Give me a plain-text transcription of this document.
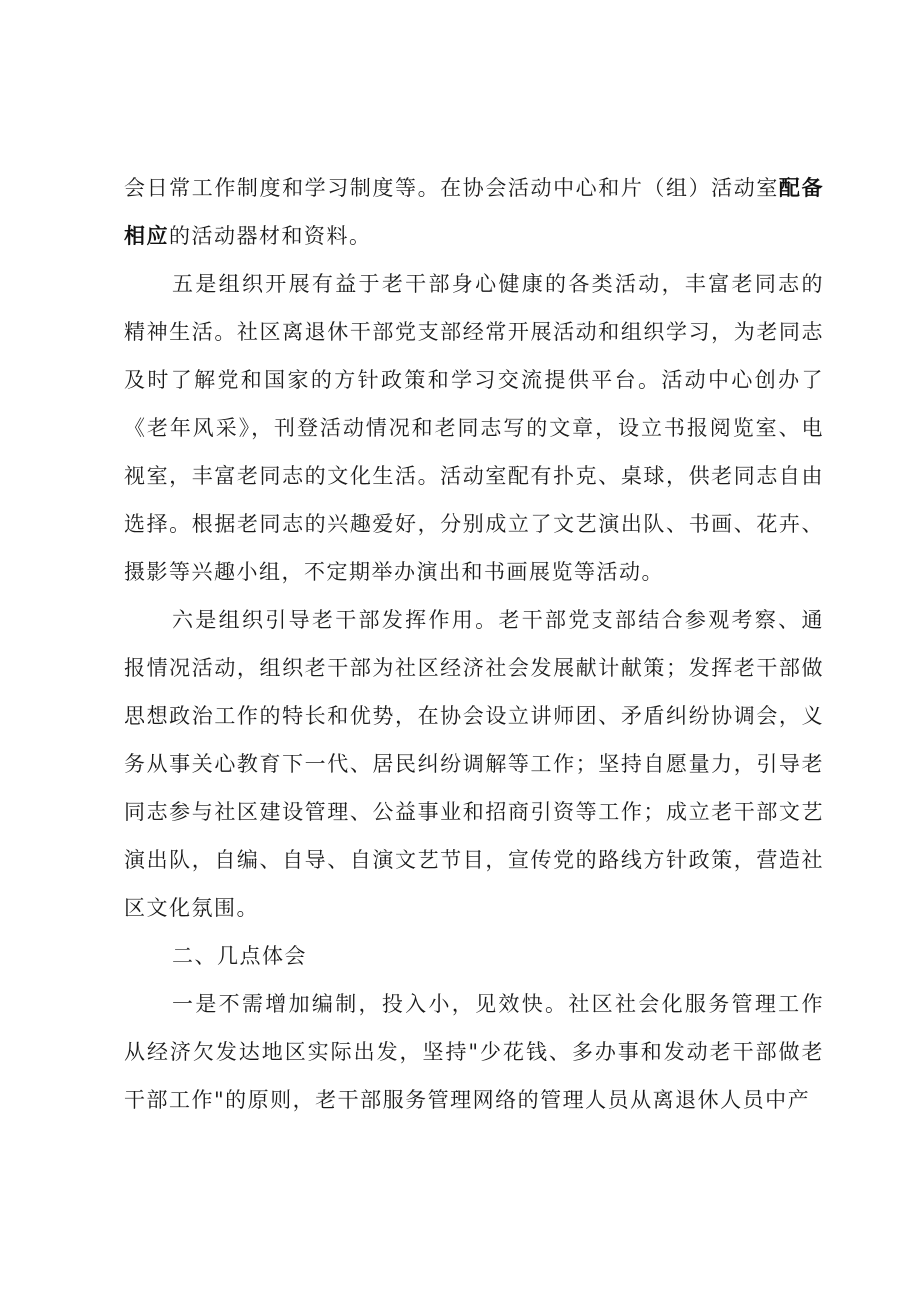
会日常工作制度和学习制度等。在协会活动中心和片（组）活动室配备相应的活动器材和资料。

五是组织开展有益于老干部身心健康的各类活动，丰富老同志的精神生活。社区离退休干部党支部经常开展活动和组织学习，为老同志及时了解党和国家的方针政策和学习交流提供平台。活动中心创办了《老年风采》，刊登活动情况和老同志写的文章，设立书报阅览室、电视室，丰富老同志的文化生活。活动室配有扑克、桌球，供老同志自由选择。根据老同志的兴趣爱好，分别成立了文艺演出队、书画、花卉、摄影等兴趣小组，不定期举办演出和书画展览等活动。

六是组织引导老干部发挥作用。老干部党支部结合参观考察、通报情况活动，组织老干部为社区经济社会发展献计献策；发挥老干部做思想政治工作的特长和优势，在协会设立讲师团、矛盾纠纷协调会，义务从事关心教育下一代、居民纠纷调解等工作；坚持自愿量力，引导老同志参与社区建设管理、公益事业和招商引资等工作；成立老干部文艺演出队，自编、自导、自演文艺节目，宣传党的路线方针政策，营造社区文化氛围。

二、几点体会

一是不需增加编制，投入小，见效快。社区社会化服务管理工作从经济欠发达地区实际出发，坚持"少花钱、多办事和发动老干部做老干部工作"的原则，老干部服务管理网络的管理人员从离退休人员中产
